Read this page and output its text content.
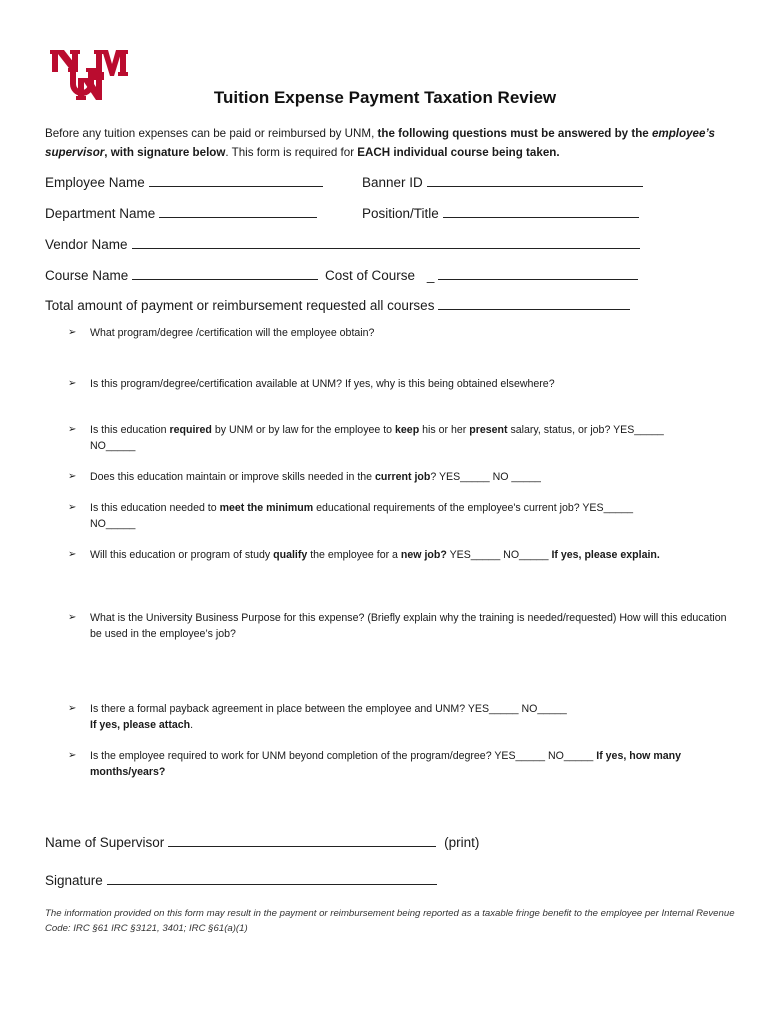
Tuition Expense Payment Taxation Review
Before any tuition expenses can be paid or reimbursed by UNM, the following questions must be answered by the employee’s supervisor, with signature below. This form is required for EACH individual course being taken.
Employee Name	Banner ID
Department Name	Position/Title
Vendor Name
Course Name	Cost of Course _
Total amount of payment or reimbursement requested all courses
➢ What program/degree /certification will the employee obtain?
➢ Is this program/degree/certification available at UNM? If yes, why is this being obtained elsewhere?
➢ Is this education required by UNM or by law for the employee to keep his or her present salary, status, or job? YES_____
NO_____
➢ Does this education maintain or improve skills needed in the current job? YES_____ NO _____
➢ Is this education needed to meet the minimum educational requirements of the employee's current job? YES_____
NO_____
➢ Will this education or program of study qualify the employee for a new job? YES_____ NO_____ If yes, please explain.
➢ What is the University Business Purpose for this expense? (Briefly explain why the training is needed/requested) How will this education be used in the employee’s job?
➢ Is there a formal payback agreement in place between the employee and UNM? YES_____ NO_____
If yes, please attach.
➢ Is the employee required to work for UNM beyond completion of the program/degree? YES_____ NO_____ If yes, how many months/years?
Name of Supervisor	(print)
Signature
The information provided on this form may result in the payment or reimbursement being reported as a taxable fringe benefit to the employee per Internal Revenue Code: IRC §61 IRC §3121, 3401; IRC §61(a)(1)
